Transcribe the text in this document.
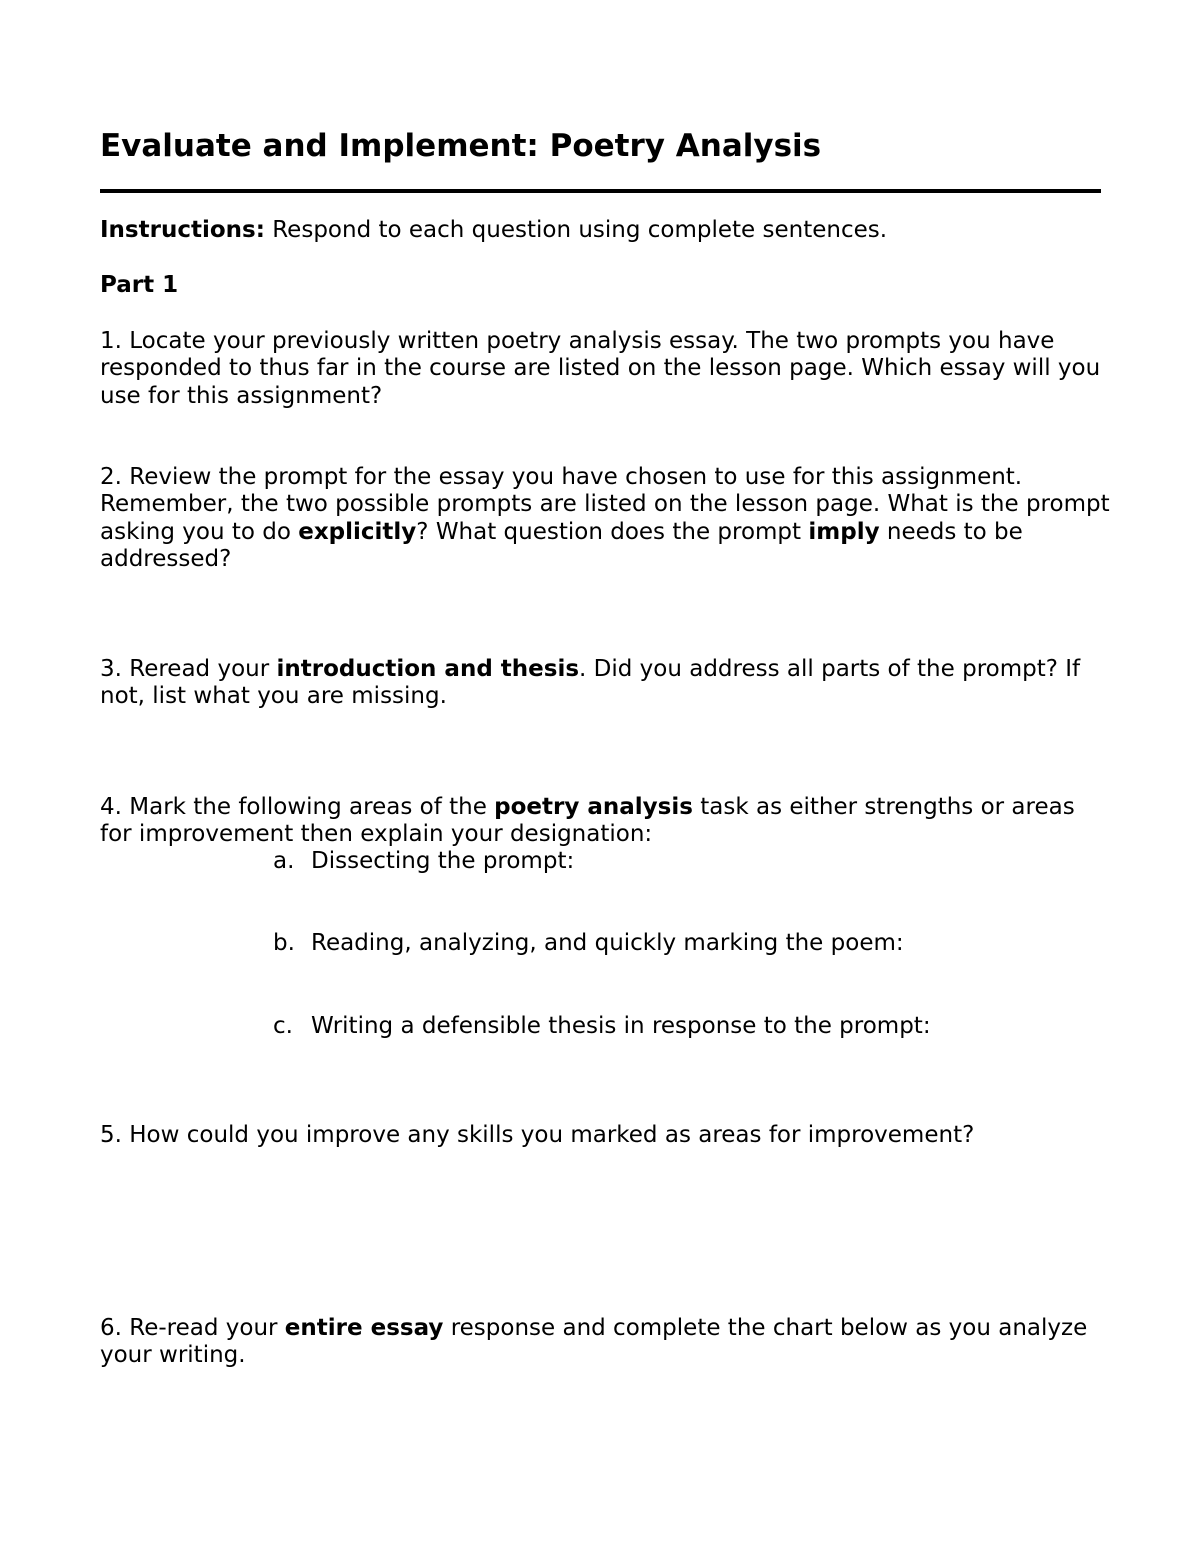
Evaluate and Implement: Poetry Analysis

Instructions: Respond to each question using complete sentences.

Part 1

1. Locate your previously written poetry analysis essay. The two prompts you have responded to thus far in the course are listed on the lesson page. Which essay will you use for this assignment?

2. Review the prompt for the essay you have chosen to use for this assignment. Remember, the two possible prompts are listed on the lesson page. What is the prompt asking you to do explicitly? What question does the prompt imply needs to be addressed?

3. Reread your introduction and thesis. Did you address all parts of the prompt? If not, list what you are missing.

4. Mark the following areas of the poetry analysis task as either strengths or areas for improvement then explain your designation:

a. Dissecting the prompt:

b. Reading, analyzing, and quickly marking the poem:

c. Writing a defensible thesis in response to the prompt:

5. How could you improve any skills you marked as areas for improvement?

6. Re-read your entire essay response and complete the chart below as you analyze your writing.
